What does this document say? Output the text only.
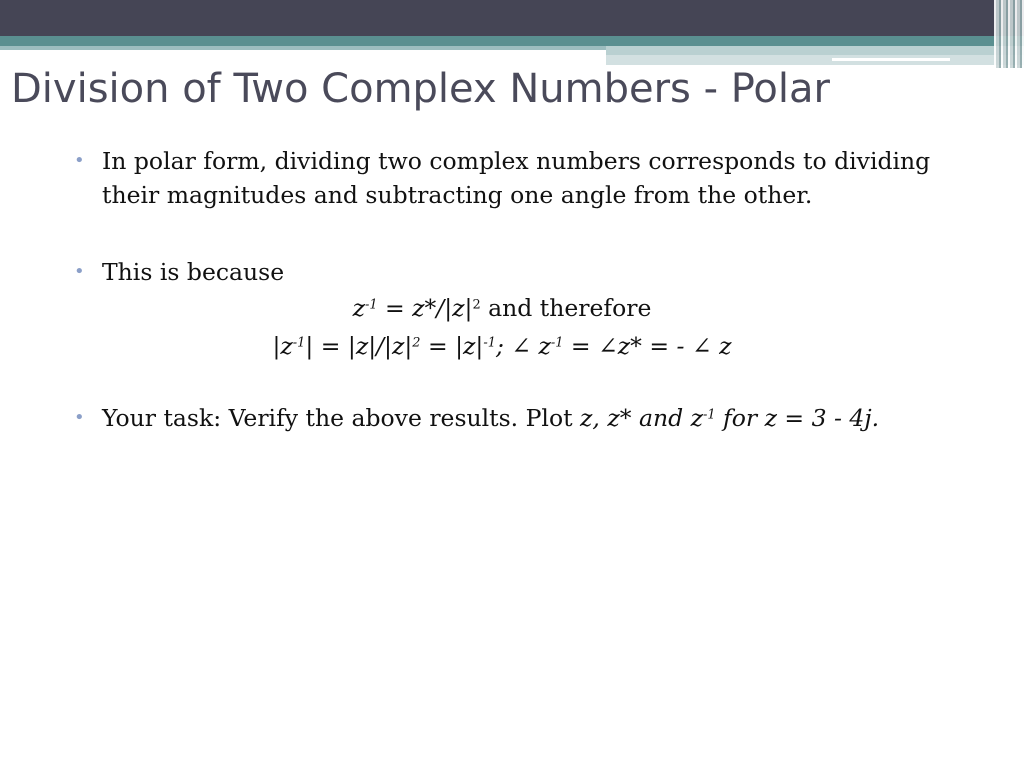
Division of Two Complex Numbers - Polar
• In polar form, dividing two complex numbers corresponds to dividing
their magnitudes and subtracting one angle from the other.
• This is because
$z^{-1} = z*/|z|^2$ and therefore
$|z^{-1}| = |z|/|z|^2 = |z|^{-1}$; ∠ $z^{-1}$ = ∠z* = - ∠ z
• Your task: Verify the above results. Plot z, z* and $z^{-1}$ for z = 3 - 4j.
